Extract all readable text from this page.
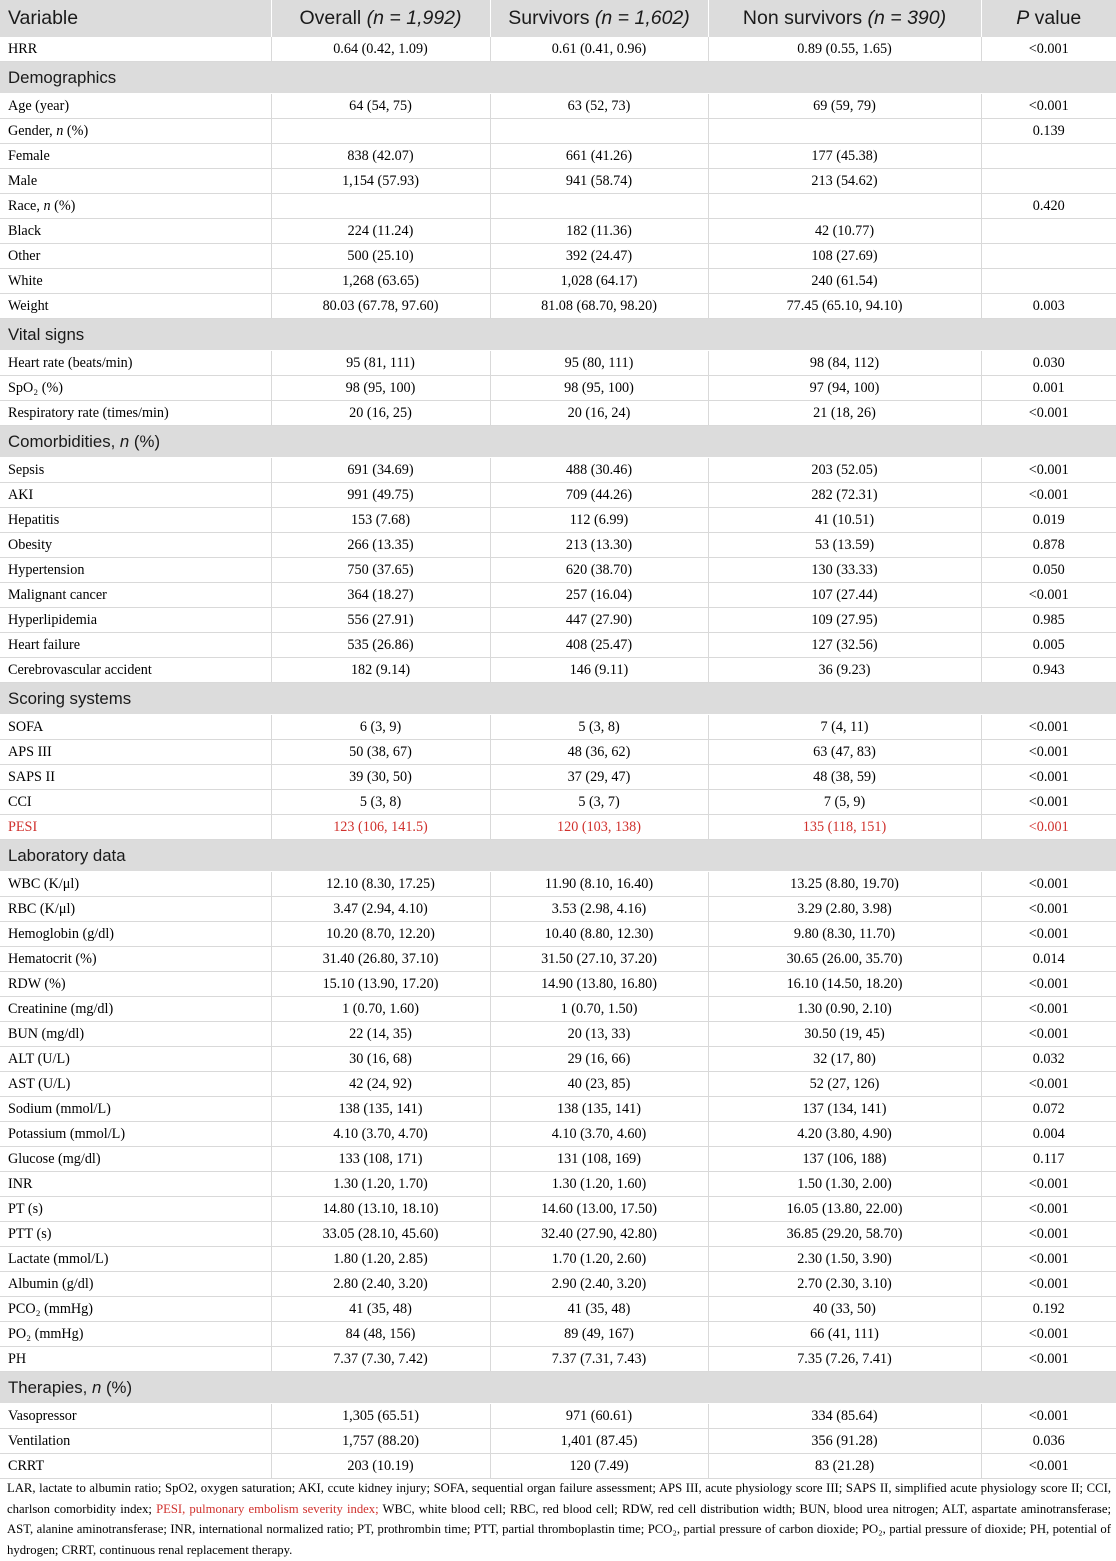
Variable	Overall (n = 1,992)	Survivors (n = 1,602)	Non survivors (n = 390)	P value
HRR	0.64 (0.42, 1.09)	0.61 (0.41, 0.96)	0.89 (0.55, 1.65)	<0.001
Demographics				
Age (year)	64 (54, 75)	63 (52, 73)	69 (59, 79)	<0.001
Gender, n (%)				0.139
Female	838 (42.07)	661 (41.26)	177 (45.38)	
Male	1,154 (57.93)	941 (58.74)	213 (54.62)	
Race, n (%)				0.420
Black	224 (11.24)	182 (11.36)	42 (10.77)	
Other	500 (25.10)	392 (24.47)	108 (27.69)	
White	1,268 (63.65)	1,028 (64.17)	240 (61.54)	
Weight	80.03 (67.78, 97.60)	81.08 (68.70, 98.20)	77.45 (65.10, 94.10)	0.003
Vital signs				
Heart rate (beats/min)	95 (81, 111)	95 (80, 111)	98 (84, 112)	0.030
SpO₂ (%)	98 (95, 100)	98 (95, 100)	97 (94, 100)	0.001
Respiratory rate (times/min)	20 (16, 25)	20 (16, 24)	21 (18, 26)	<0.001
Comorbidities, n (%)				
Sepsis	691 (34.69)	488 (30.46)	203 (52.05)	<0.001
AKI	991 (49.75)	709 (44.26)	282 (72.31)	<0.001
Hepatitis	153 (7.68)	112 (6.99)	41 (10.51)	0.019
Obesity	266 (13.35)	213 (13.30)	53 (13.59)	0.878
Hypertension	750 (37.65)	620 (38.70)	130 (33.33)	0.050
Malignant cancer	364 (18.27)	257 (16.04)	107 (27.44)	<0.001
Hyperlipidemia	556 (27.91)	447 (27.90)	109 (27.95)	0.985
Heart failure	535 (26.86)	408 (25.47)	127 (32.56)	0.005
Cerebrovascular accident	182 (9.14)	146 (9.11)	36 (9.23)	0.943
Scoring systems				
SOFA	6 (3, 9)	5 (3, 8)	7 (4, 11)	<0.001
APS III	50 (38, 67)	48 (36, 62)	63 (47, 83)	<0.001
SAPS II	39 (30, 50)	37 (29, 47)	48 (38, 59)	<0.001
CCI	5 (3, 8)	5 (3, 7)	7 (5, 9)	<0.001
PESI	123 (106, 141.5)	120 (103, 138)	135 (118, 151)	<0.001
Laboratory data				
WBC (K/μl)	12.10 (8.30, 17.25)	11.90 (8.10, 16.40)	13.25 (8.80, 19.70)	<0.001
RBC (K/μl)	3.47 (2.94, 4.10)	3.53 (2.98, 4.16)	3.29 (2.80, 3.98)	<0.001
Hemoglobin (g/dl)	10.20 (8.70, 12.20)	10.40 (8.80, 12.30)	9.80 (8.30, 11.70)	<0.001
Hematocrit (%)	31.40 (26.80, 37.10)	31.50 (27.10, 37.20)	30.65 (26.00, 35.70)	0.014
RDW (%)	15.10 (13.90, 17.20)	14.90 (13.80, 16.80)	16.10 (14.50, 18.20)	<0.001
Creatinine (mg/dl)	1 (0.70, 1.60)	1 (0.70, 1.50)	1.30 (0.90, 2.10)	<0.001
BUN (mg/dl)	22 (14, 35)	20 (13, 33)	30.50 (19, 45)	<0.001
ALT (U/L)	30 (16, 68)	29 (16, 66)	32 (17, 80)	0.032
AST (U/L)	42 (24, 92)	40 (23, 85)	52 (27, 126)	<0.001
Sodium (mmol/L)	138 (135, 141)	138 (135, 141)	137 (134, 141)	0.072
Potassium (mmol/L)	4.10 (3.70, 4.70)	4.10 (3.70, 4.60)	4.20 (3.80, 4.90)	0.004
Glucose (mg/dl)	133 (108, 171)	131 (108, 169)	137 (106, 188)	0.117
INR	1.30 (1.20, 1.70)	1.30 (1.20, 1.60)	1.50 (1.30, 2.00)	<0.001
PT (s)	14.80 (13.10, 18.10)	14.60 (13.00, 17.50)	16.05 (13.80, 22.00)	<0.001
PTT (s)	33.05 (28.10, 45.60)	32.40 (27.90, 42.80)	36.85 (29.20, 58.70)	<0.001
Lactate (mmol/L)	1.80 (1.20, 2.85)	1.70 (1.20, 2.60)	2.30 (1.50, 3.90)	<0.001
Albumin (g/dl)	2.80 (2.40, 3.20)	2.90 (2.40, 3.20)	2.70 (2.30, 3.10)	<0.001
PCO₂ (mmHg)	41 (35, 48)	41 (35, 48)	40 (33, 50)	0.192
PO₂ (mmHg)	84 (48, 156)	89 (49, 167)	66 (41, 111)	<0.001
PH	7.37 (7.30, 7.42)	7.37 (7.31, 7.43)	7.35 (7.26, 7.41)	<0.001
Therapies, n (%)				
Vasopressor	1,305 (65.51)	971 (60.61)	334 (85.64)	<0.001
Ventilation	1,757 (88.20)	1,401 (87.45)	356 (91.28)	0.036
CRRT	203 (10.19)	120 (7.49)	83 (21.28)	<0.001
LAR, lactate to albumin ratio; SpO2, oxygen saturation; AKI, ccute kidney injury; SOFA, sequential organ failure assessment; APS III, acute physiology score III; SAPS II, simplified acute physiology score II; CCI, charlson comorbidity index; PESI, pulmonary embolism severity index; WBC, white blood cell; RBC, red blood cell; RDW, red cell distribution width; BUN, blood urea nitrogen; ALT, aspartate aminotransferase; AST, alanine aminotransferase; INR, international normalized ratio; PT, prothrombin time; PTT, partial thromboplastin time; PCO₂, partial pressure of carbon dioxide; PO₂, partial pressure of dioxide; PH, potential of hydrogen; CRRT, continuous renal replacement therapy.
